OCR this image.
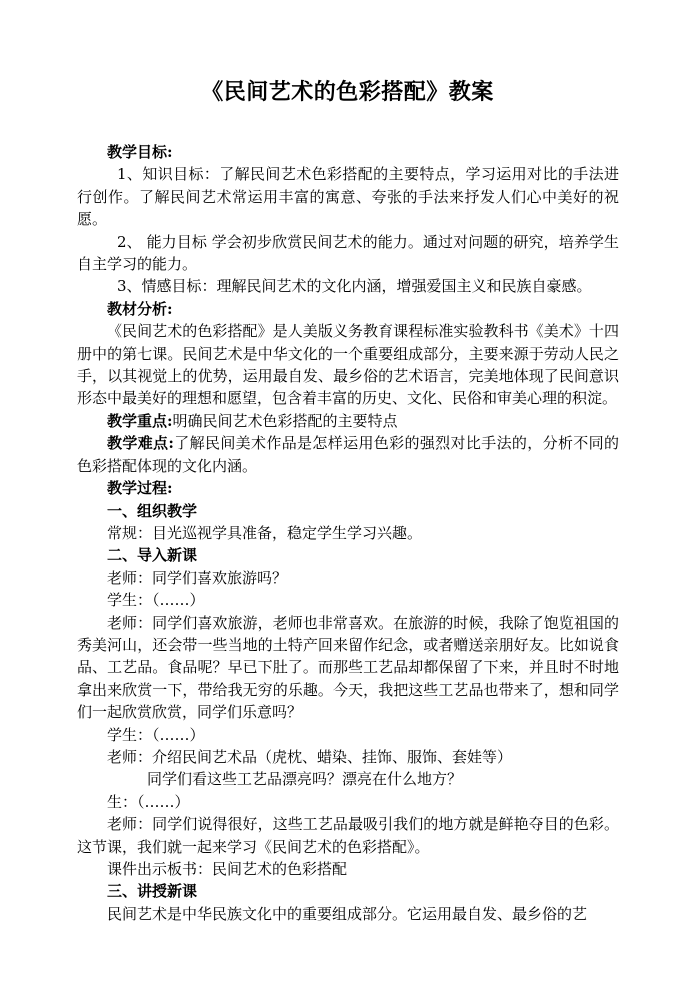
《民间艺术的色彩搭配》教案

教学目标:

1、知识目标：了解民间艺术色彩搭配的主要特点，学习运用对比的手法进行创作。了解民间艺术常运用丰富的寓意、夸张的手法来抒发人们心中美好的祝愿。

2、 能力目标 学会初步欣赏民间艺术的能力。通过对问题的研究，培养学生自主学习的能力。

3、情感目标：理解民间艺术的文化内涵，增强爱国主义和民族自豪感。

教材分析:

《民间艺术的色彩搭配》是人美版义务教育课程标准实验教科书《美术》十四册中的第七课。民间艺术是中华文化的一个重要组成部分，主要来源于劳动人民之手，以其视觉上的优势，运用最自发、最乡俗的艺术语言，完美地体现了民间意识形态中最美好的理想和愿望，包含着丰富的历史、文化、民俗和审美心理的积淀。

教学重点:明确民间艺术色彩搭配的主要特点

教学难点:了解民间美术作品是怎样运用色彩的强烈对比手法的，分析不同的色彩搭配体现的文化内涵。

教学过程:

一、组织教学

常规：目光巡视学具准备，稳定学生学习兴趣。

二、导入新课

老师：同学们喜欢旅游吗？

学生：（……）

老师：同学们喜欢旅游，老师也非常喜欢。在旅游的时候，我除了饱览祖国的秀美河山，还会带一些当地的土特产回来留作纪念，或者赠送亲朋好友。比如说食品、工艺品。食品呢？早已下肚了。而那些工艺品却都保留了下来，并且时不时地拿出来欣赏一下，带给我无穷的乐趣。今天，我把这些工艺品也带来了，想和同学们一起欣赏欣赏，同学们乐意吗？

学生：（……）

老师：介绍民间艺术品（虎枕、蜡染、挂饰、服饰、套娃等）

同学们看这些工艺品漂亮吗？漂亮在什么地方？

生：（……）

老师：同学们说得很好，这些工艺品最吸引我们的地方就是鲜艳夺目的色彩。这节课，我们就一起来学习《民间艺术的色彩搭配》。

课件出示板书：民间艺术的色彩搭配

三、讲授新课

民间艺术是中华民族文化中的重要组成部分。它运用最自发、最乡俗的艺
